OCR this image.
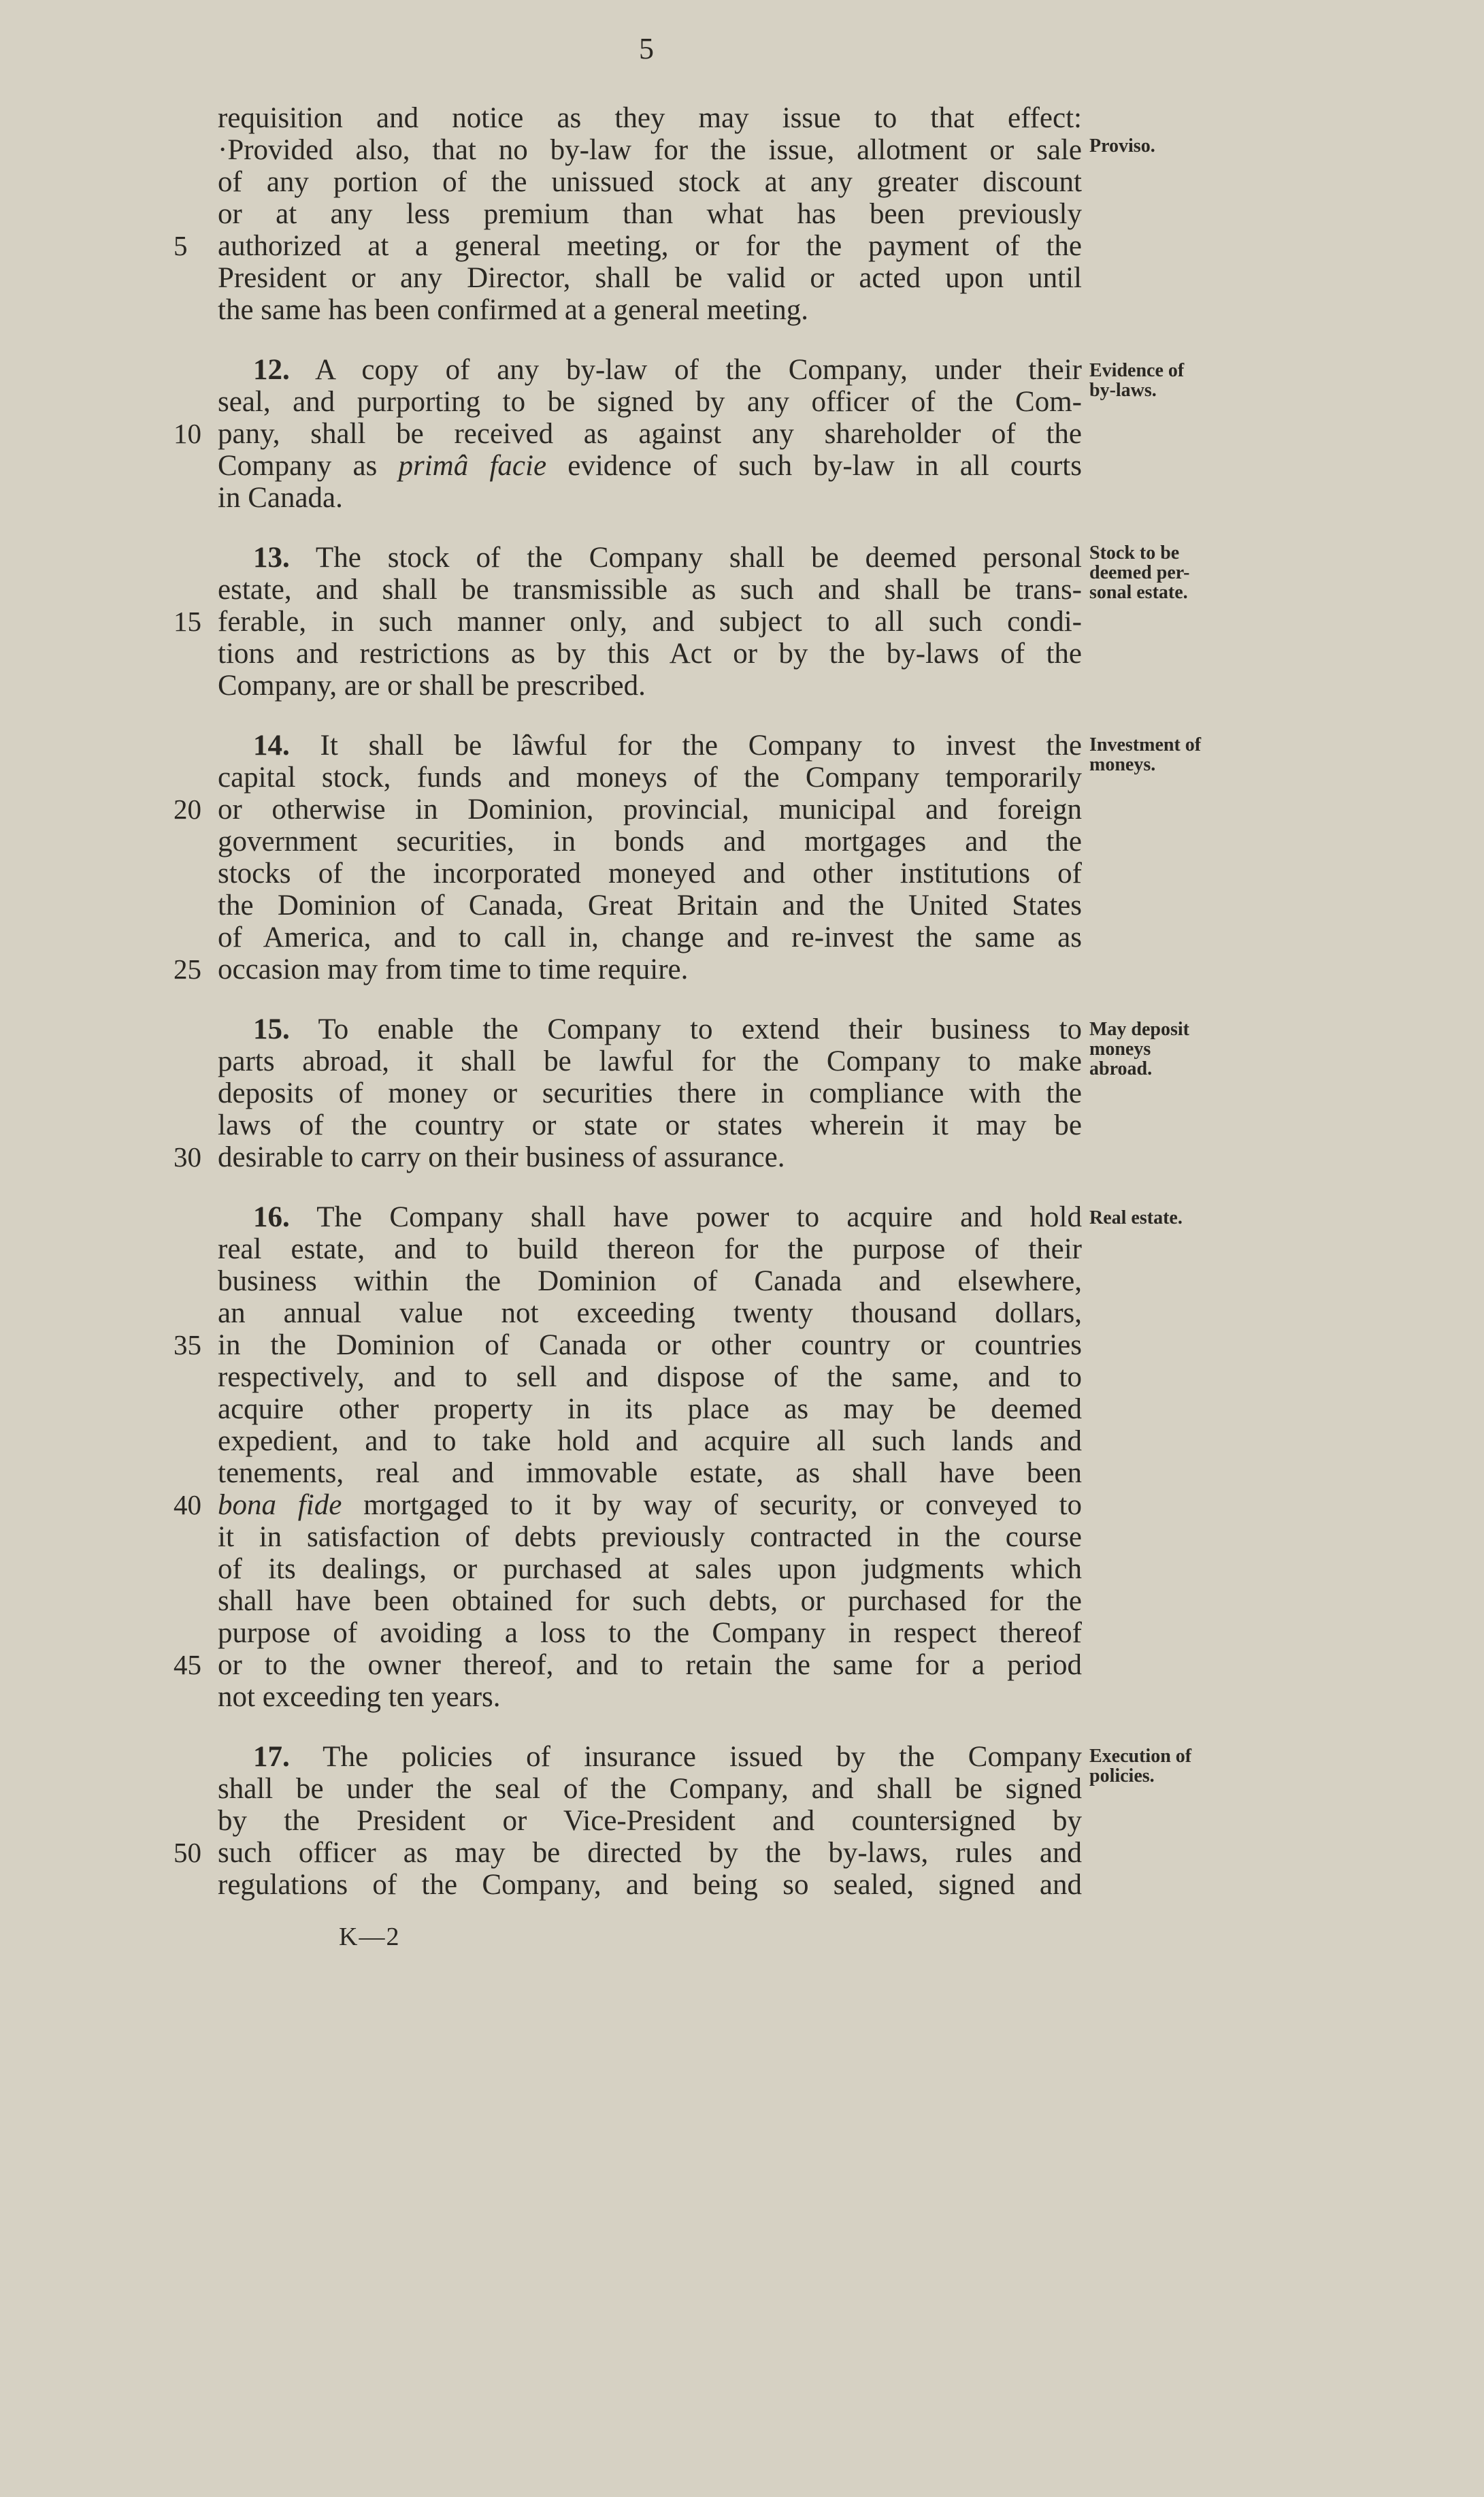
5
requisition and notice as they may issue to that effect:
·Provided also, that no by-law for the issue, allotment or sale
of any portion of the unissued stock at any greater discount
or at any less premium than what has been previously
authorized at a general meeting, or for the payment of the
President or any Director, shall be valid or acted upon until
the same has been confirmed at a general meeting.
12. A copy of any by-law of the Company, under their
seal, and purporting to be signed by any officer of the Com-
pany, shall be received as against any shareholder of the
Company as primâ facie evidence of such by-law in all courts
in Canada.
13. The stock of the Company shall be deemed personal
estate, and shall be transmissible as such and shall be trans-
ferable, in such manner only, and subject to all such condi-
tions and restrictions as by this Act or by the by-laws of the
Company, are or shall be prescribed.
14. It shall be lâwful for the Company to invest the
capital stock, funds and moneys of the Company temporarily
or otherwise in Dominion, provincial, municipal and foreign
government securities, in bonds and mortgages and the
stocks of the incorporated moneyed and other institutions of
the Dominion of Canada, Great Britain and the United States
of America, and to call in, change and re-invest the same as
occasion may from time to time require.
15. To enable the Company to extend their business to
parts abroad, it shall be lawful for the Company to make
deposits of money or securities there in compliance with the
laws of the country or state or states wherein it may be
desirable to carry on their business of assurance.
16. The Company shall have power to acquire and hold
real estate, and to build thereon for the purpose of their
business within the Dominion of Canada and elsewhere,
an annual value not exceeding twenty thousand dollars,
in the Dominion of Canada or other country or countries
respectively, and to sell and dispose of the same, and to
acquire other property in its place as may be deemed
expedient, and to take hold and acquire all such lands and
tenements, real and immovable estate, as shall have been
bona fide mortgaged to it by way of security, or conveyed to
it in satisfaction of debts previously contracted in the course
of its dealings, or purchased at sales upon judgments which
shall have been obtained for such debts, or purchased for the
purpose of avoiding a loss to the Company in respect thereof
or to the owner thereof, and to retain the same for a period
not exceeding ten years.
17. The policies of insurance issued by the Company
shall be under the seal of the Company, and shall be signed
by the President or Vice-President and countersigned by
such officer as may be directed by the by-laws, rules and
regulations of the Company, and being so sealed, signed and
5
10
15
20
25
30
35
40
45
50
Proviso.
Evidence of
by-laws.
Stock to be
deemed per-
sonal estate.
Investment of
moneys.
May deposit
moneys
abroad.
Real estate.
Execution of
policies.
K—2
